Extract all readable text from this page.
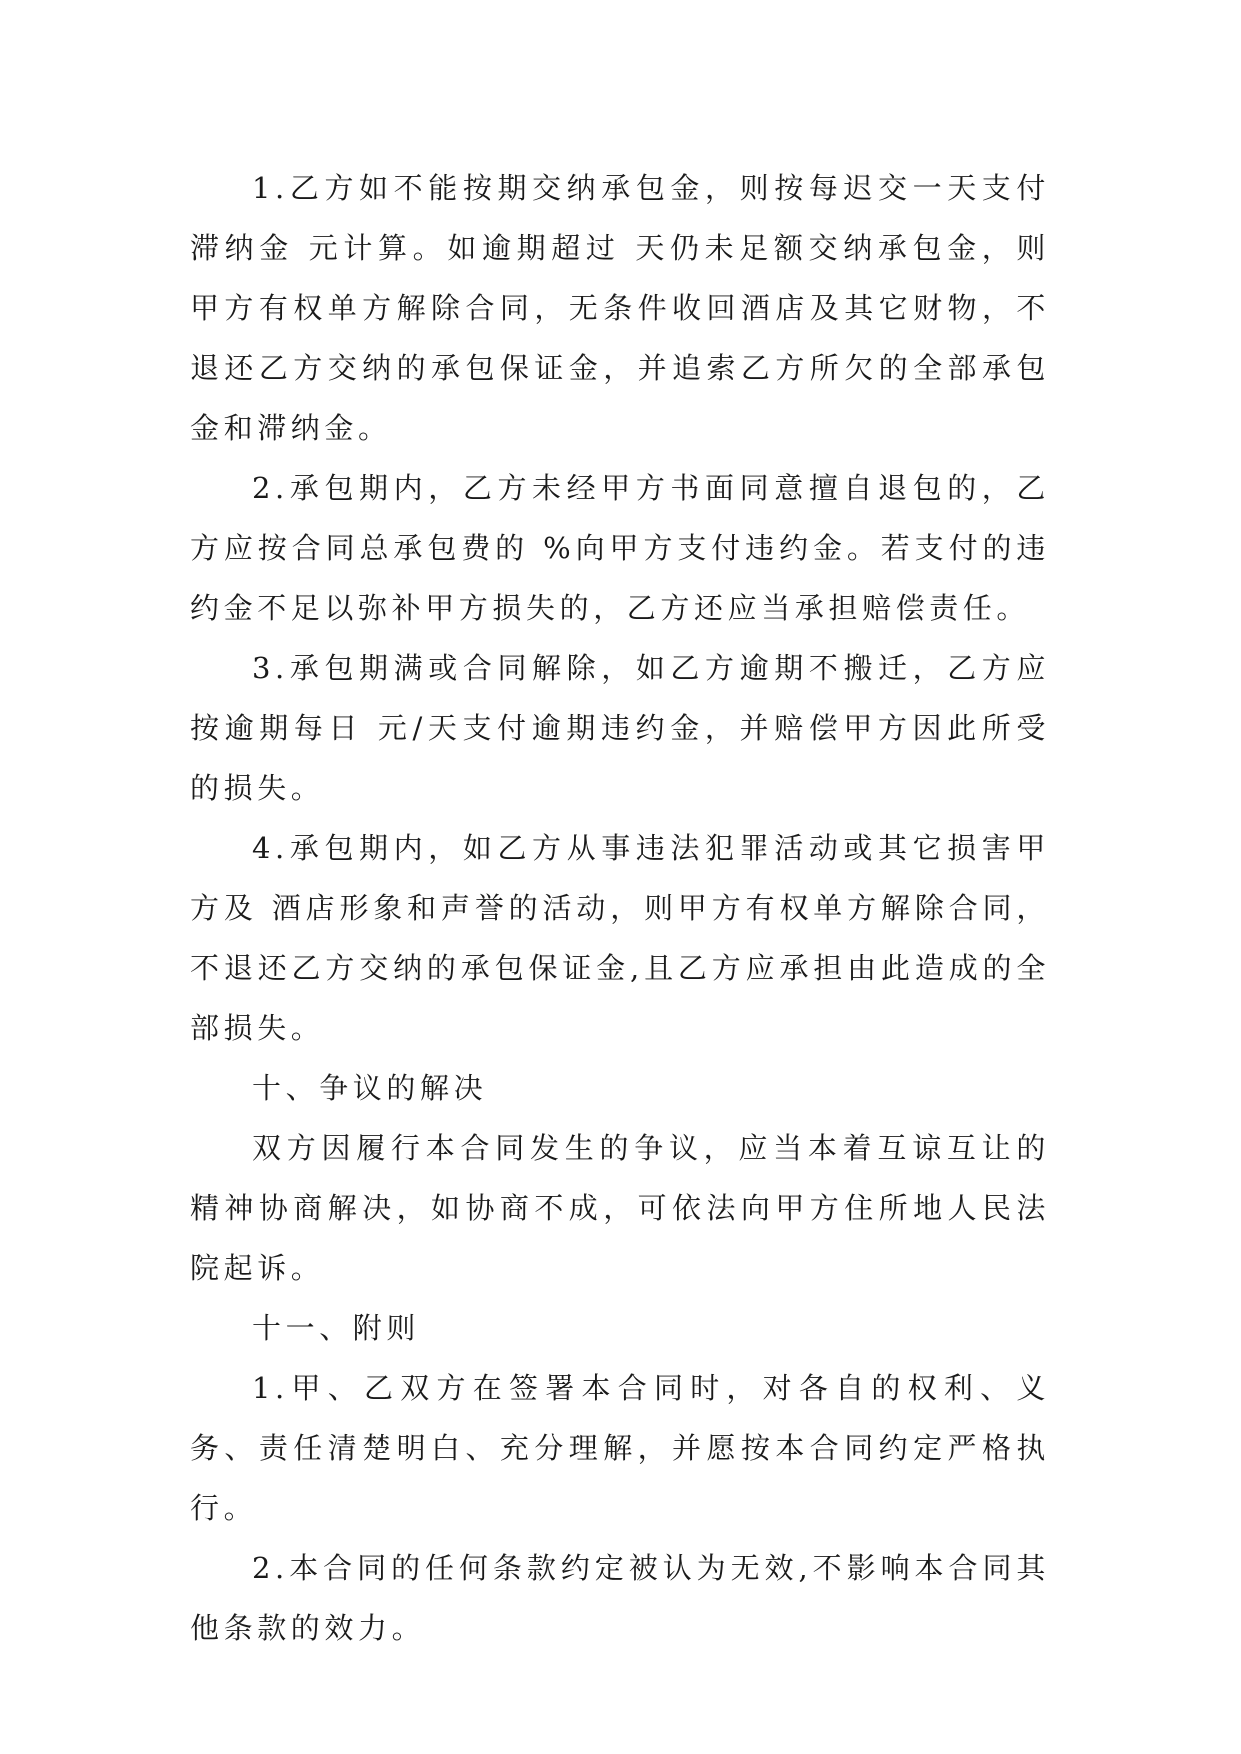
1.乙方如不能按期交纳承包金，则按每迟交一天支付滞纳金 元计算。如逾期超过 天仍未足额交纳承包金，则甲方有权单方解除合同，无条件收回酒店及其它财物，不退还乙方交纳的承包保证金，并追索乙方所欠的全部承包金和滞纳金。

2.承包期内，乙方未经甲方书面同意擅自退包的，乙方应按合同总承包费的 %向甲方支付违约金。若支付的违约金不足以弥补甲方损失的，乙方还应当承担赔偿责任。

3.承包期满或合同解除，如乙方逾期不搬迁，乙方应按逾期每日 元/天支付逾期违约金，并赔偿甲方因此所受的损失。

4.承包期内，如乙方从事违法犯罪活动或其它损害甲方及 酒店形象和声誉的活动，则甲方有权单方解除合同，不退还乙方交纳的承包保证金,且乙方应承担由此造成的全部损失。

十、争议的解决

双方因履行本合同发生的争议，应当本着互谅互让的精神协商解决，如协商不成，可依法向甲方住所地人民法院起诉。

十一、附则

1.甲、乙双方在签署本合同时，对各自的权利、义务、责任清楚明白、充分理解，并愿按本合同约定严格执行。

2.本合同的任何条款约定被认为无效,不影响本合同其他条款的效力。
